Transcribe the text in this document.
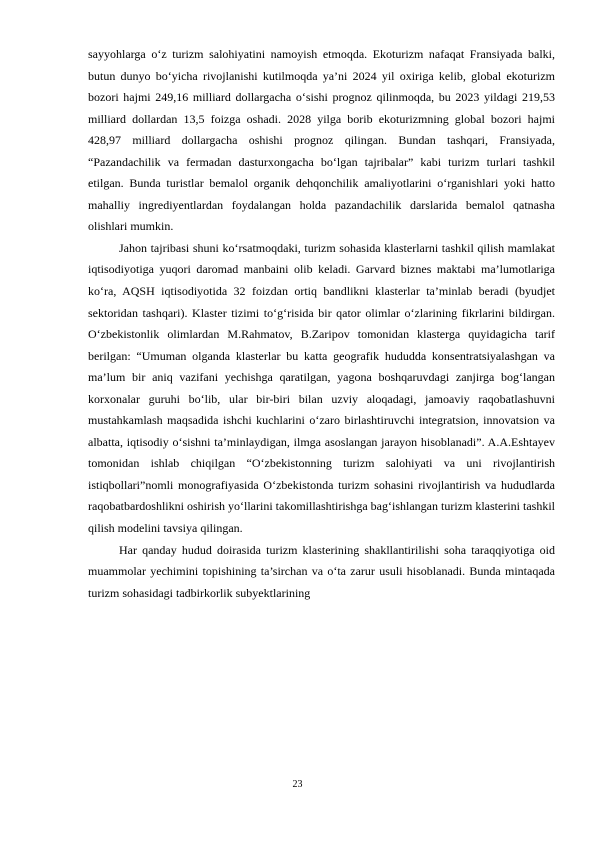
sayyohlarga o‘z turizm salohiyatini namoyish etmoqda. Ekoturizm nafaqat Fransiyada balki, butun dunyo bo‘yicha rivojlanishi kutilmoqda ya’ni 2024 yil oxiriga kelib, global ekoturizm bozori hajmi 249,16 milliard dollargacha o‘sishi prognoz qilinmoqda, bu 2023 yildagi 219,53 milliard dollardan 13,5 foizga oshadi. 2028 yilga borib ekoturizmning global bozori hajmi 428,97 milliard dollargacha oshishi prognoz qilingan. Bundan tashqari, Fransiyada, “Pazandachilik va fermadan dasturxongacha bo‘lgan tajribalar” kabi turizm turlari tashkil etilgan. Bunda turistlar bemalol organik dehqonchilik amaliyotlarini o‘rganishlari yoki hatto mahalliy ingrediyentlardan foydalangan holda pazandachilik darslarida bemalol qatnasha olishlari mumkin.

Jahon tajribasi shuni ko‘rsatmoqdaki, turizm sohasida klasterlarni tashkil qilish mamlakat iqtisodiyotiga yuqori daromad manbaini olib keladi. Garvard biznes maktabi ma’lumotlariga ko‘ra, AQSH iqtisodiyotida 32 foizdan ortiq bandlikni klasterlar ta’minlab beradi (byudjet sektoridan tashqari). Klaster tizimi to‘g‘risida bir qator olimlar o‘zlarining fikrlarini bildirgan. O‘zbekistonlik olimlardan M.Rahmatov, B.Zaripov tomonidan klasterga quyidagicha tarif berilgan: “Umuman olganda klasterlar bu katta geografik hududda konsentratsiyalashgan va ma’lum bir aniq vazifani yechishga qaratilgan, yagona boshqaruvdagi zanjirga bog‘langan korxonalar guruhi bo‘lib, ular bir-biri bilan uzviy aloqadagi, jamoaviy raqobatlashuvni mustahkamlash maqsadida ishchi kuchlarini o‘zaro birlashtiruvchi integratsion, innovatsion va albatta, iqtisodiy o‘sishni ta’minlaydigan, ilmga asoslangan jarayon hisoblanadi”. A.A.Eshtayev tomonidan ishlab chiqilgan “O‘zbekistonning turizm salohiyati va uni rivojlantirish istiqbollari”nomli monografiyasida O‘zbekistonda turizm sohasini rivojlantirish va hududlarda raqobatbardoshlikni oshirish yo‘llarini takomillashtirishga bag‘ishlangan turizm klasterini tashkil qilish modelini tavsiya qilingan.

Har qanday hudud doirasida turizm klasterining shakllantirilishi soha taraqqiyotiga oid muammolar yechimini topishining ta’sirchan va o‘ta zarur usuli hisoblanadi. Bunda mintaqada turizm sohasidagi tadbirkorlik subyektlarining

23
